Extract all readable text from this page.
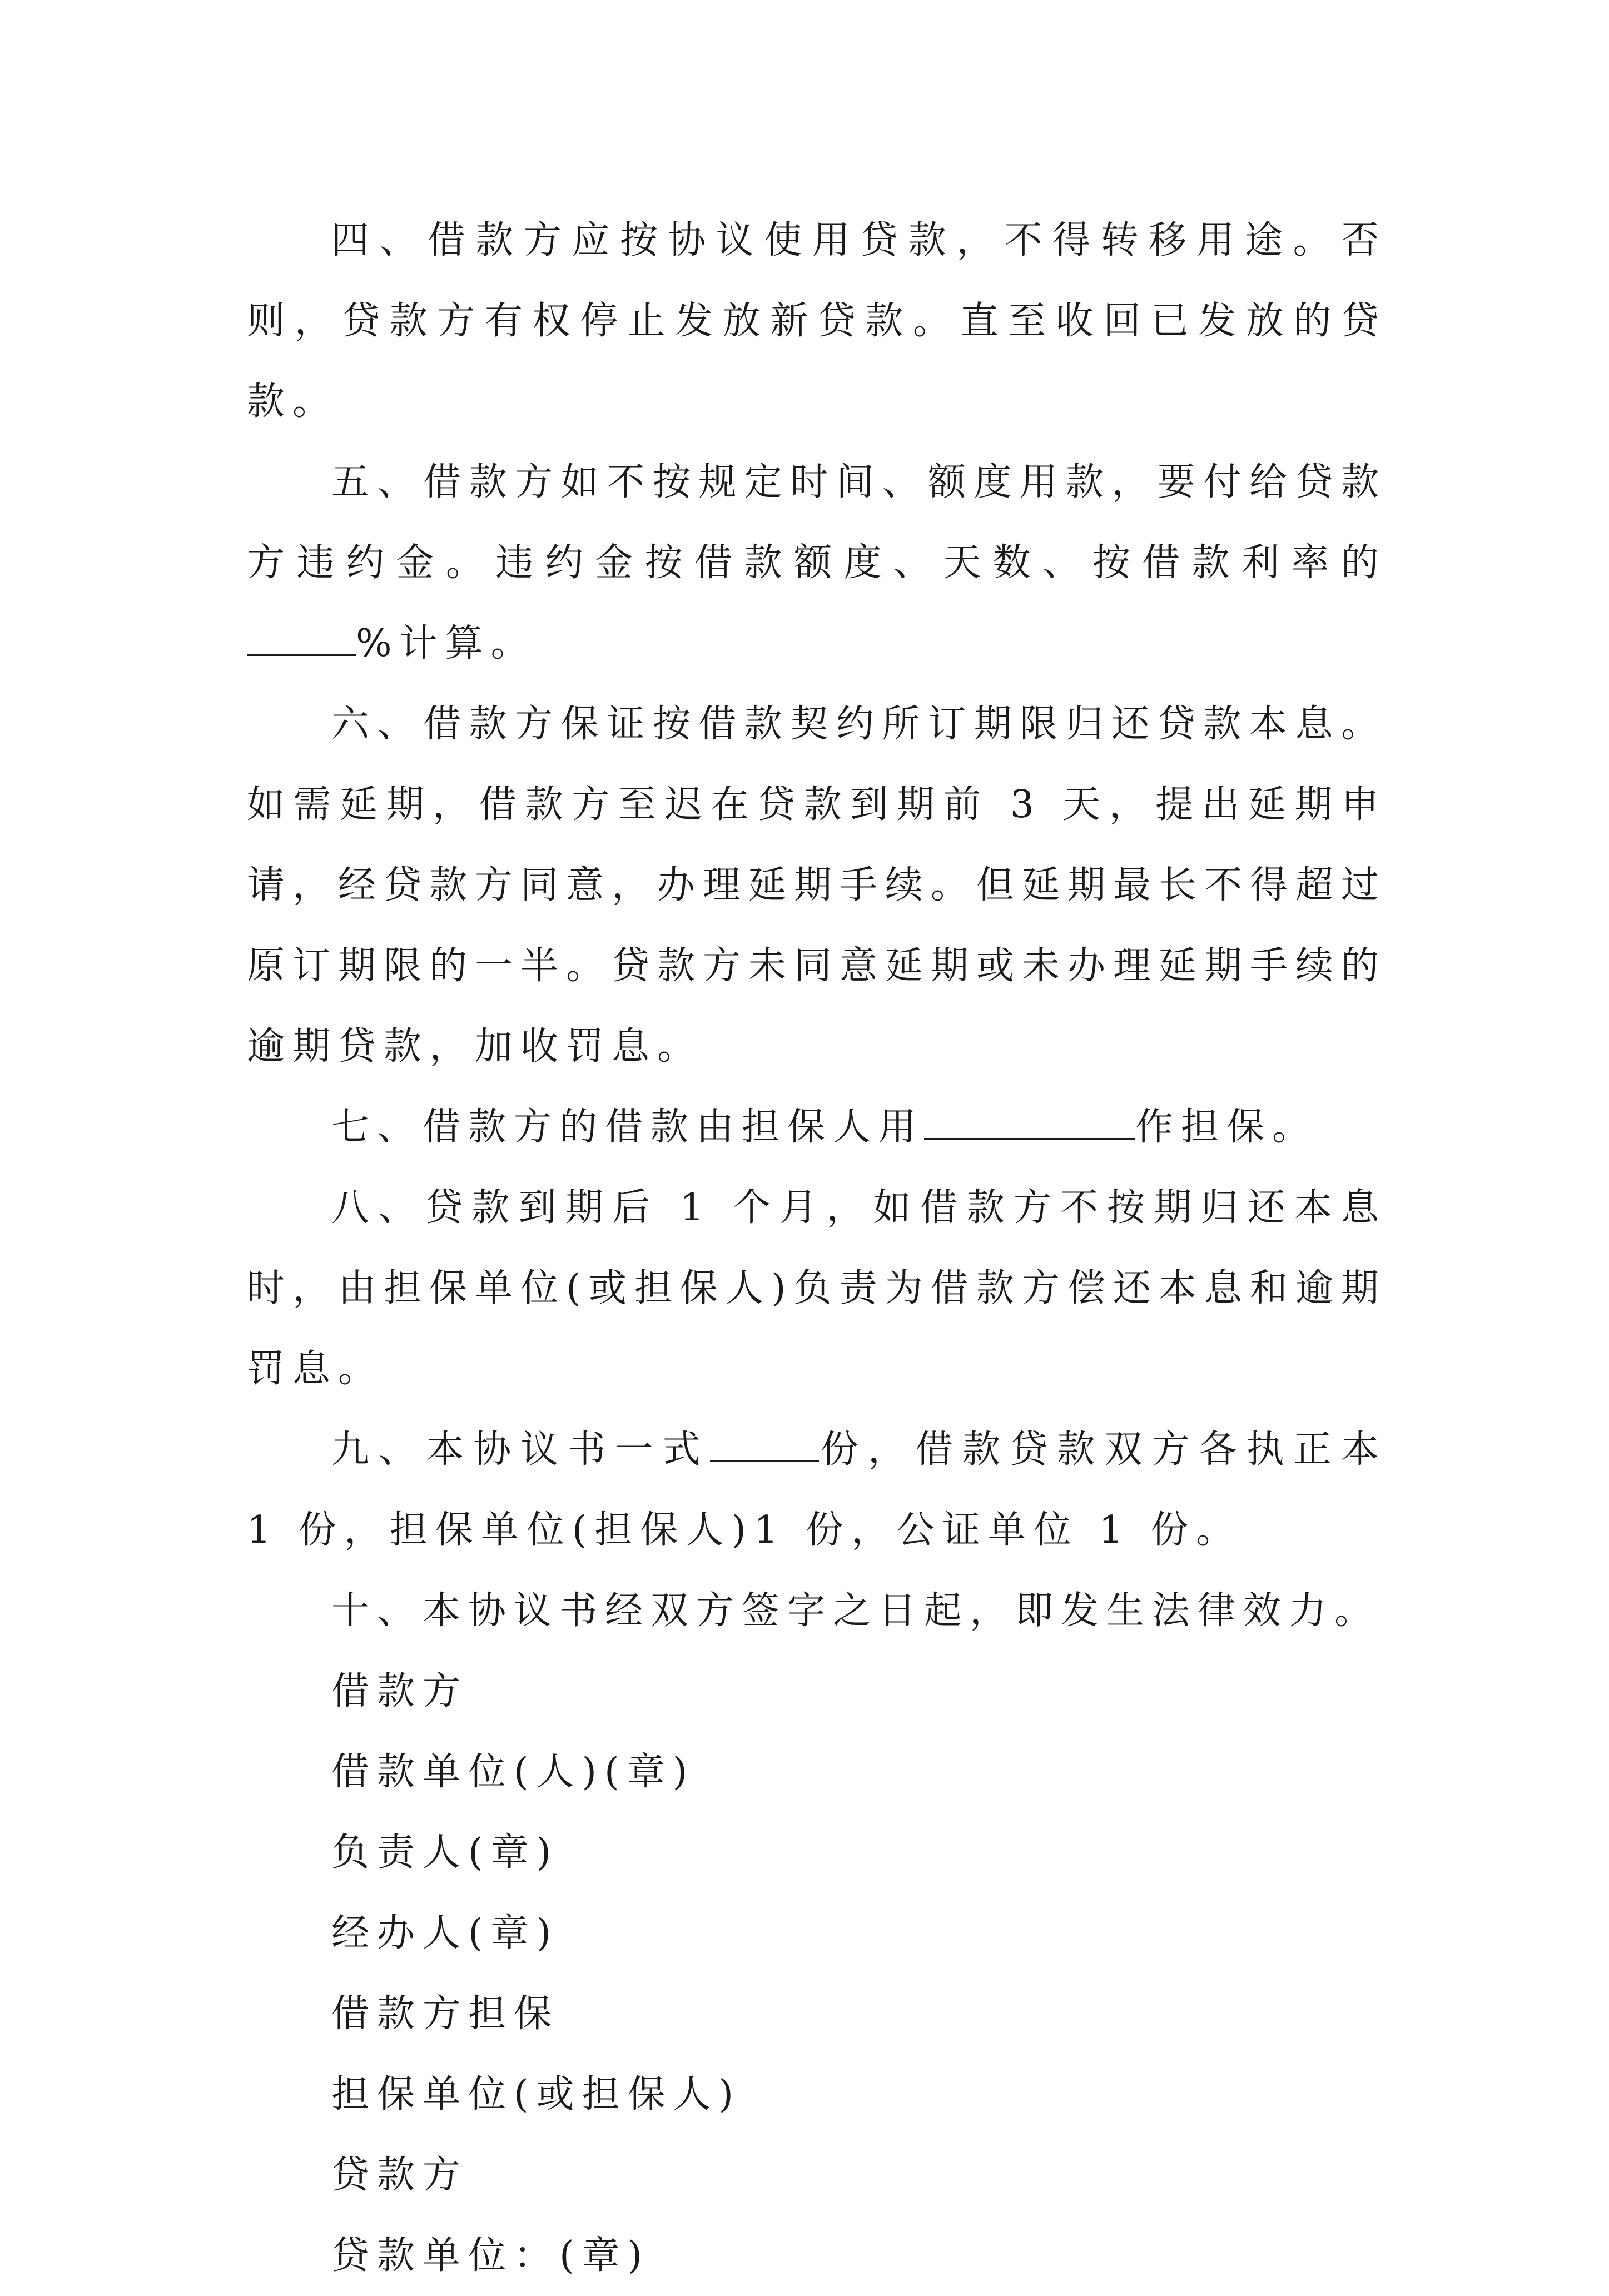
四、借款方应按协议使用贷款，不得转移用途。否则，贷款方有权停止发放新贷款。直至收回已发放的贷款。

五、借款方如不按规定时间、额度用款，要付给贷款方违约金。违约金按借款额度、天数、按借款利率的%计算。

六、借款方保证按借款契约所订期限归还贷款本息。如需延期，借款方至迟在贷款到期前 3 天，提出延期申请，经贷款方同意，办理延期手续。但延期最长不得超过原订期限的一半。贷款方未同意延期或未办理延期手续的逾期贷款，加收罚息。

七、借款方的借款由担保人用	作担保。

八、贷款到期后 1 个月，如借款方不按期归还本息时，由担保单位(或担保人)负责为借款方偿还本息和逾期罚息。

九、本协议书一式	份，借款贷款双方各执正本 1 份，担保单位(担保人)1 份，公证单位 1 份。

十、本协议书经双方签字之日起，即发生法律效力。

借款方

借款单位(人)(章)

负责人(章)

经办人(章)

借款方担保

担保单位(或担保人)

贷款方

贷款单位：(章)
